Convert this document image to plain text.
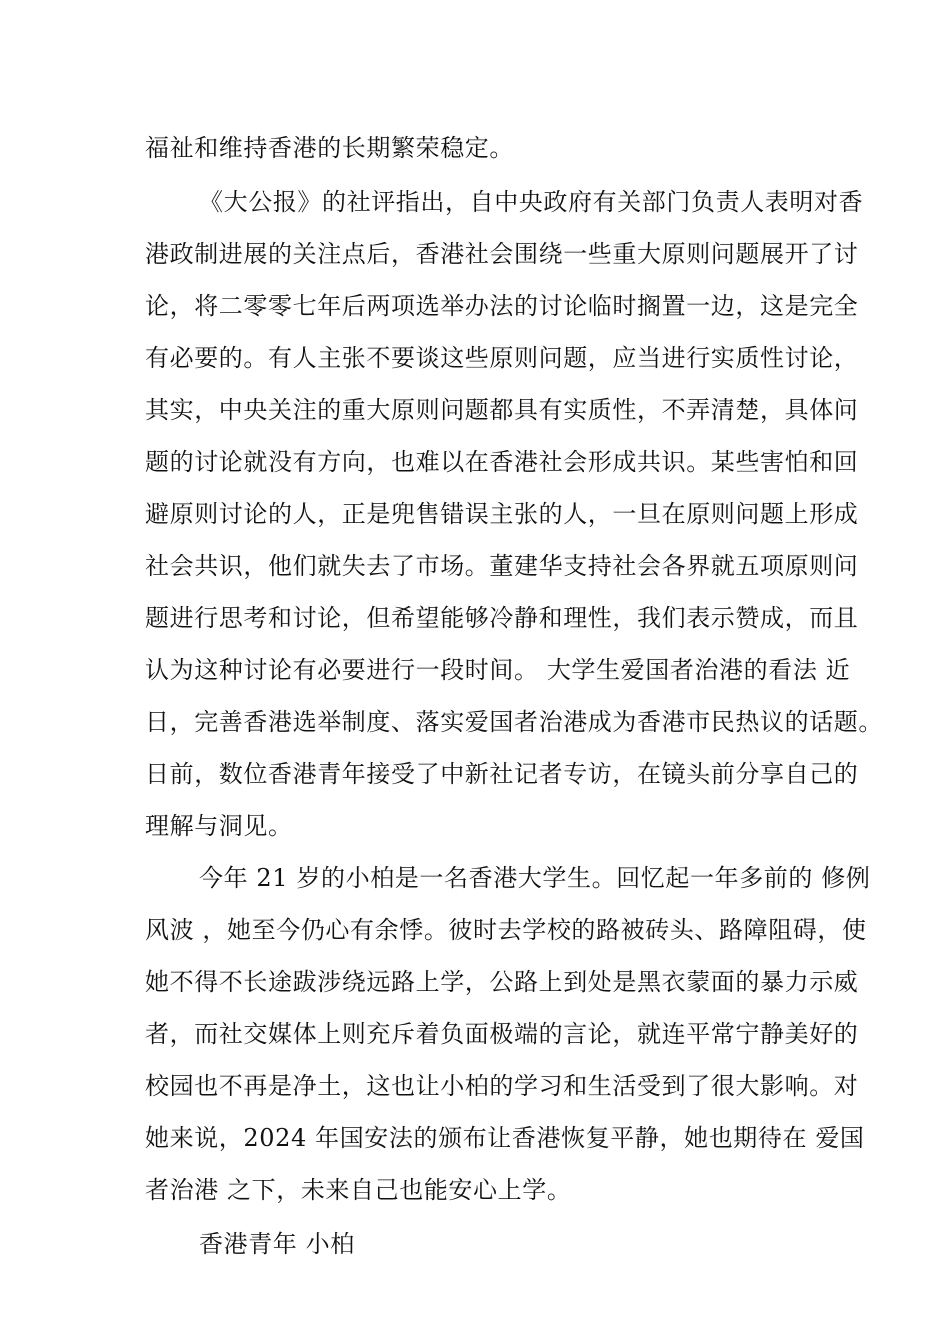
福祉和维持香港的长期繁荣稳定。
《大公报》的社评指出，自中央政府有关部门负责人表明对香
港政制进展的关注点后，香港社会围绕一些重大原则问题展开了讨
论，将二零零七年后两项选举办法的讨论临时搁置一边，这是完全
有必要的。有人主张不要谈这些原则问题，应当进行实质性讨论，
其实，中央关注的重大原则问题都具有实质性，不弄清楚，具体问
题的讨论就没有方向，也难以在香港社会形成共识。某些害怕和回
避原则讨论的人，正是兜售错误主张的人，一旦在原则问题上形成
社会共识，他们就失去了市场。董建华支持社会各界就五项原则问
题进行思考和讨论，但希望能够冷静和理性，我们表示赞成，而且
认为这种讨论有必要进行一段时间。 大学生爱国者治港的看法 近
日，完善香港选举制度、落实爱国者治港成为香港市民热议的话题。
日前，数位香港青年接受了中新社记者专访，在镜头前分享自己的
理解与洞见。
今年 21 岁的小柏是一名香港大学生。回忆起一年多前的 修例
风波 ，她至今仍心有余悸。彼时去学校的路被砖头、路障阻碍，使
她不得不长途跋涉绕远路上学，公路上到处是黑衣蒙面的暴力示威
者，而社交媒体上则充斥着负面极端的言论，就连平常宁静美好的
校园也不再是净土，这也让小柏的学习和生活受到了很大影响。对
她来说，2024 年国安法的颁布让香港恢复平静，她也期待在 爱国
者治港 之下，未来自己也能安心上学。
香港青年 小柏
